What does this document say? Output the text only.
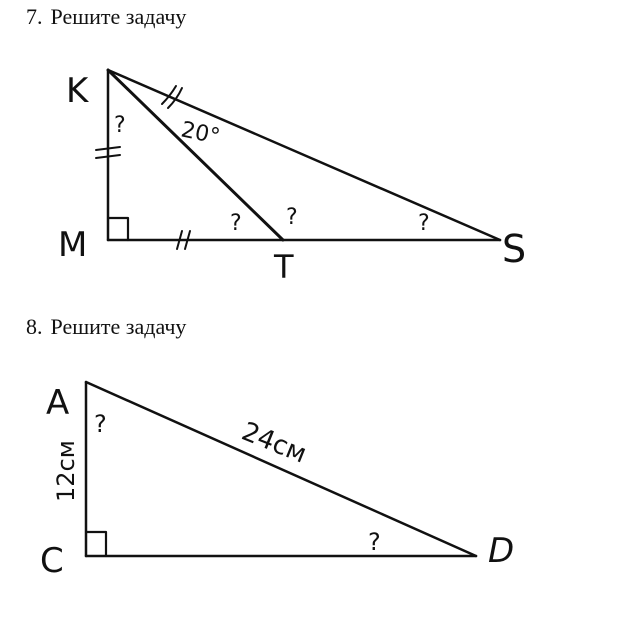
7. Решите задачу
K
M
T	S
20°
?
? ?	?
8. Решите задачу
A
C	D
12см	24см
?
?
